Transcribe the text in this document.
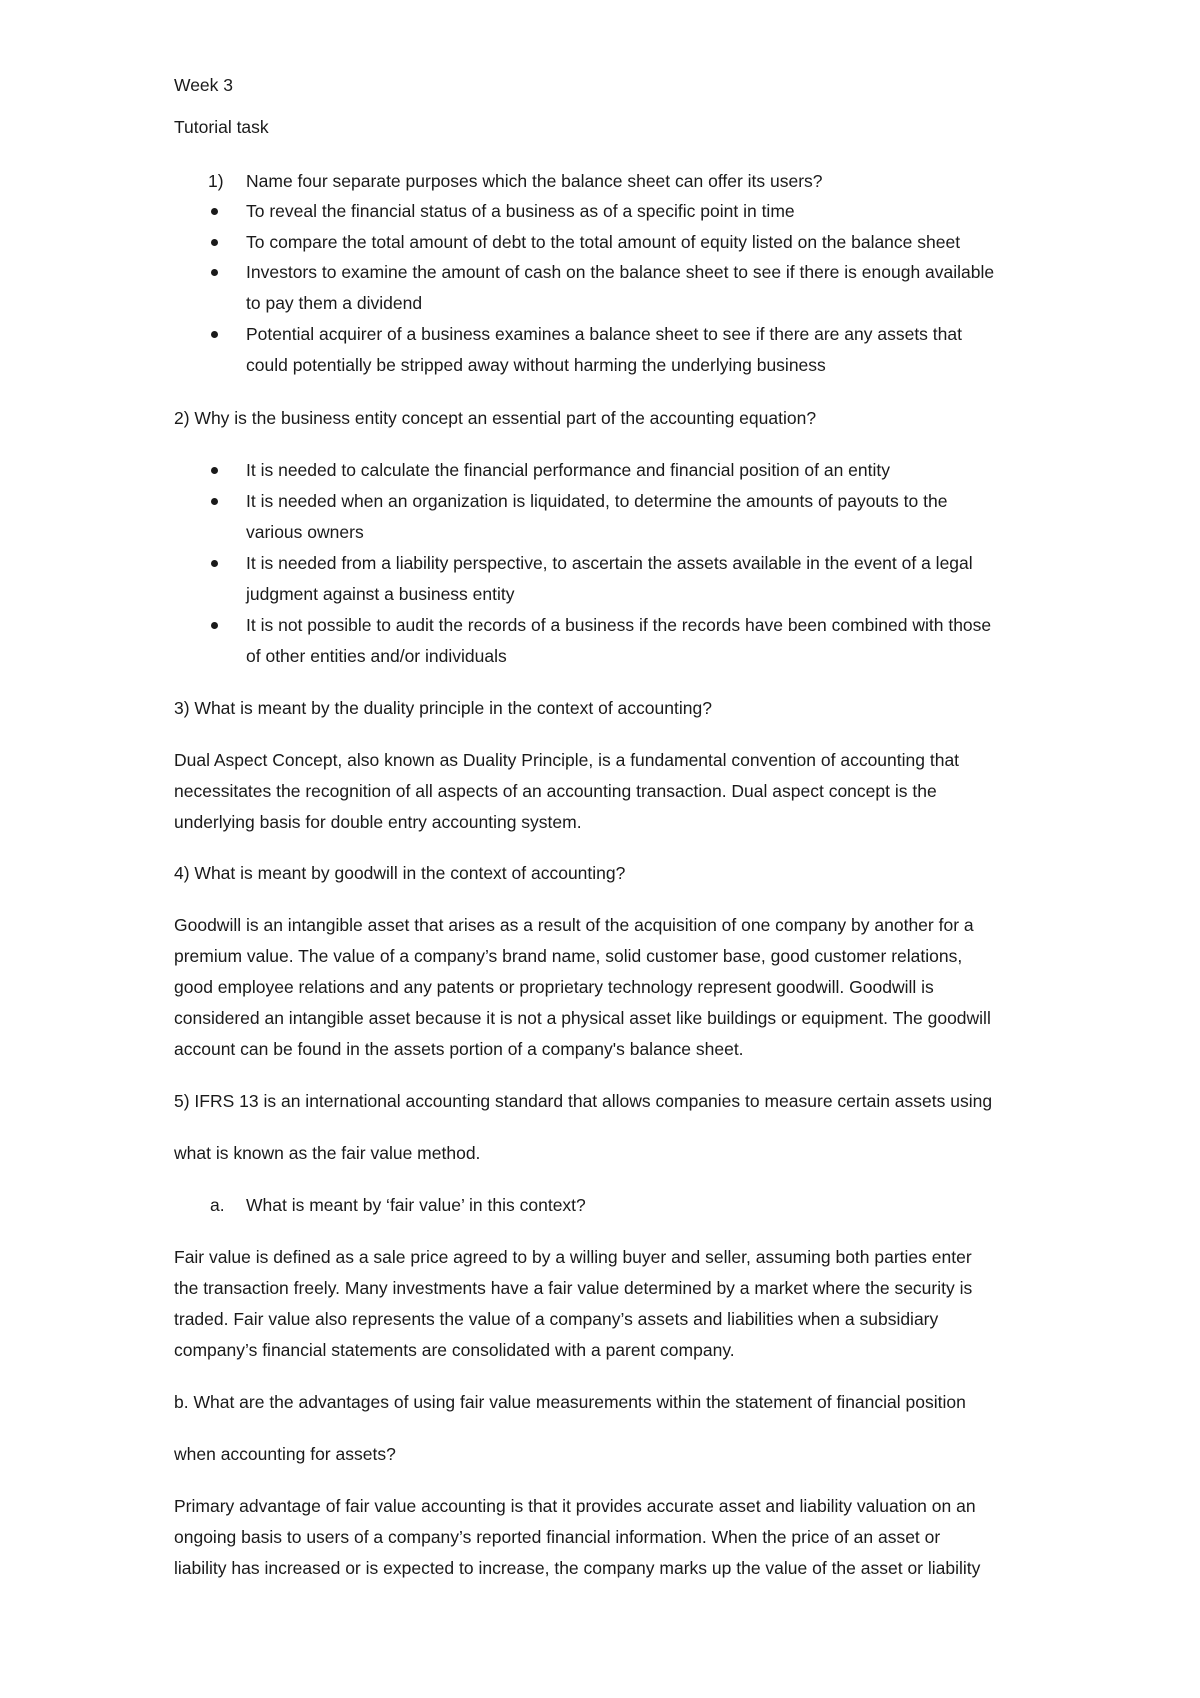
Week 3
Tutorial task
1) Name four separate purposes which the balance sheet can offer its users?
To reveal the financial status of a business as of a specific point in time
To compare the total amount of debt to the total amount of equity listed on the balance sheet
Investors to examine the amount of cash on the balance sheet to see if there is enough available
to pay them a dividend
Potential acquirer of a business examines a balance sheet to see if there are any assets that
could potentially be stripped away without harming the underlying business
2) Why is the business entity concept an essential part of the accounting equation?
It is needed to calculate the financial performance and financial position of an entity
It is needed when an organization is liquidated, to determine the amounts of payouts to the
various owners
It is needed from a liability perspective, to ascertain the assets available in the event of a legal
judgment against a business entity
It is not possible to audit the records of a business if the records have been combined with those
of other entities and/or individuals
3) What is meant by the duality principle in the context of accounting?
Dual Aspect Concept, also known as Duality Principle, is a fundamental convention of accounting that
necessitates the recognition of all aspects of an accounting transaction. Dual aspect concept is the
underlying basis for double entry accounting system.
4) What is meant by goodwill in the context of accounting?
Goodwill is an intangible asset that arises as a result of the acquisition of one company by another for a
premium value. The value of a company’s brand name, solid customer base, good customer relations,
good employee relations and any patents or proprietary technology represent goodwill. Goodwill is
considered an intangible asset because it is not a physical asset like buildings or equipment. The goodwill
account can be found in the assets portion of a company's balance sheet.
5) IFRS 13 is an international accounting standard that allows companies to measure certain assets using
what is known as the fair value method.
a. What is meant by ‘fair value’ in this context?
Fair value is defined as a sale price agreed to by a willing buyer and seller, assuming both parties enter
the transaction freely. Many investments have a fair value determined by a market where the security is
traded. Fair value also represents the value of a company’s assets and liabilities when a subsidiary
company’s financial statements are consolidated with a parent company.
b. What are the advantages of using fair value measurements within the statement of financial position
when accounting for assets?
Primary advantage of fair value accounting is that it provides accurate asset and liability valuation on an
ongoing basis to users of a company’s reported financial information. When the price of an asset or
liability has increased or is expected to increase, the company marks up the value of the asset or liability
